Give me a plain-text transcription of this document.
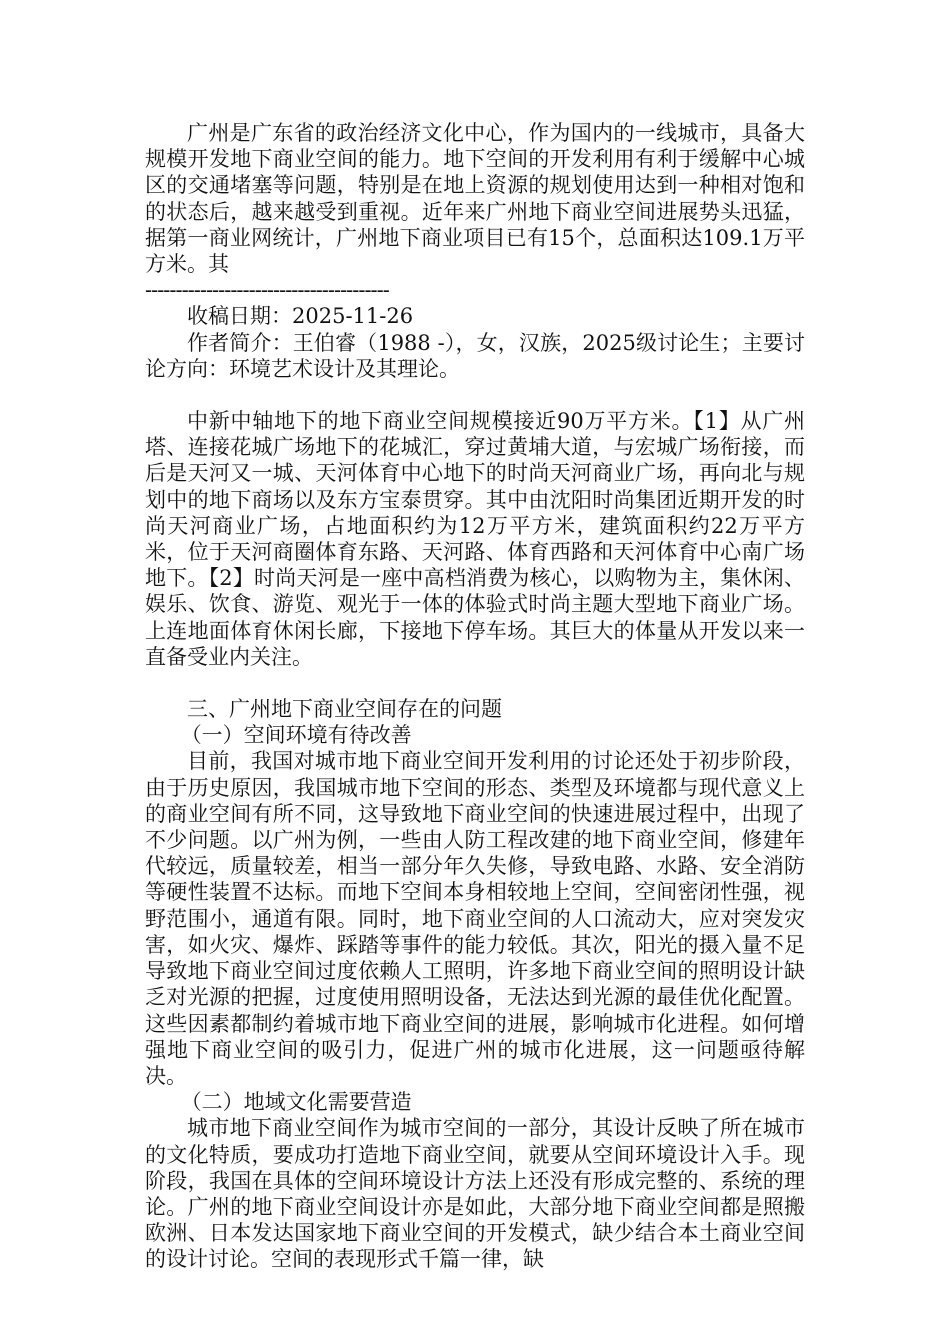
广州是广东省的政治经济文化中心，作为国内的一线城市，具备大规模开发地下商业空间的能力。地下空间的开发利用有利于缓解中心城区的交通堵塞等问题，特别是在地上资源的规划使用达到一种相对饱和的状态后，越来越受到重视。近年来广州地下商业空间进展势头迅猛，据第一商业网统计，广州地下商业项目已有15个，总面积达109.1万平方米。其

----------------------------------------

收稿日期：2025-11-26

作者简介：王伯睿（1988 -），女，汉族，2025级讨论生；主要讨论方向：环境艺术设计及其理论。

中新中轴地下的地下商业空间规模接近90万平方米。【1】从广州塔、连接花城广场地下的花城汇，穿过黄埔大道，与宏城广场衔接，而后是天河又一城、天河体育中心地下的时尚天河商业广场，再向北与规划中的地下商场以及东方宝泰贯穿。其中由沈阳时尚集团近期开发的时尚天河商业广场，占地面积约为12万平方米，建筑面积约22万平方米，位于天河商圈体育东路、天河路、体育西路和天河体育中心南广场地下。【2】时尚天河是一座中高档消费为核心，以购物为主，集休闲、娱乐、饮食、游览、观光于一体的体验式时尚主题大型地下商业广场。上连地面体育休闲长廊，下接地下停车场。其巨大的体量从开发以来一直备受业内关注。

三、广州地下商业空间存在的问题

（一）空间环境有待改善

目前，我国对城市地下商业空间开发利用的讨论还处于初步阶段，由于历史原因，我国城市地下空间的形态、类型及环境都与现代意义上的商业空间有所不同，这导致地下商业空间的快速进展过程中，出现了不少问题。以广州为例，一些由人防工程改建的地下商业空间，修建年代较远，质量较差，相当一部分年久失修，导致电路、水路、安全消防等硬性装置不达标。而地下空间本身相较地上空间，空间密闭性强，视野范围小，通道有限。同时，地下商业空间的人口流动大，应对突发灾害，如火灾、爆炸、踩踏等事件的能力较低。其次，阳光的摄入量不足导致地下商业空间过度依赖人工照明，许多地下商业空间的照明设计缺乏对光源的把握，过度使用照明设备，无法达到光源的最佳优化配置。这些因素都制约着城市地下商业空间的进展，影响城市化进程。如何增强地下商业空间的吸引力，促进广州的城市化进展，这一问题亟待解决。

（二）地域文化需要营造

城市地下商业空间作为城市空间的一部分，其设计反映了所在城市的文化特质，要成功打造地下商业空间，就要从空间环境设计入手。现阶段，我国在具体的空间环境设计方法上还没有形成完整的、系统的理论。广州的地下商业空间设计亦是如此，大部分地下商业空间都是照搬欧洲、日本发达国家地下商业空间的开发模式，缺少结合本土商业空间的设计讨论。空间的表现形式千篇一律，缺
